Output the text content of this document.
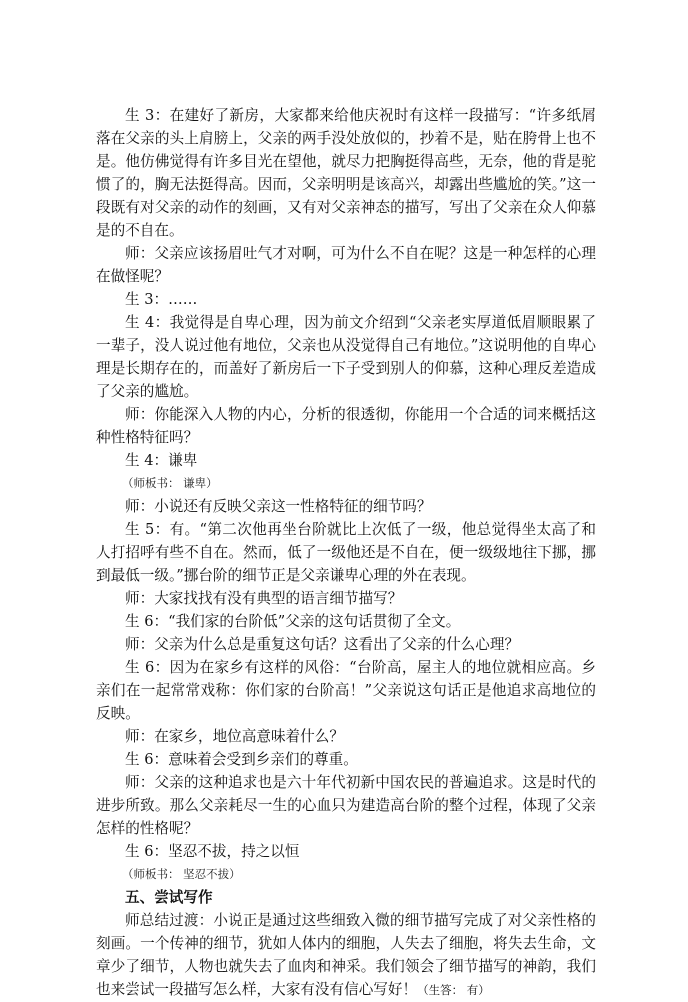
生 3：在建好了新房，大家都来给他庆祝时有这样一段描写：“许多纸屑落在父亲的头上肩膀上，父亲的两手没处放似的，抄着不是，贴在胯骨上也不是。他仿佛觉得有许多目光在望他，就尽力把胸挺得高些，无奈，他的背是驼惯了的，胸无法挺得高。因而，父亲明明是该高兴，却露出些尴尬的笑。”这一段既有对父亲的动作的刻画，又有对父亲神态的描写，写出了父亲在众人仰慕是的不自在。

师：父亲应该扬眉吐气才对啊，可为什么不自在呢？这是一种怎样的心理在做怪呢？

生 3：……

生 4：我觉得是自卑心理，因为前文介绍到“父亲老实厚道低眉顺眼累了一辈子，没人说过他有地位，父亲也从没觉得自己有地位。”这说明他的自卑心理是长期存在的，而盖好了新房后一下子受到别人的仰慕，这种心理反差造成了父亲的尴尬。

师：你能深入人物的内心，分析的很透彻，你能用一个合适的词来概括这种性格特征吗？

生 4：谦卑

（师板书： 谦卑）

师：小说还有反映父亲这一性格特征的细节吗？

生 5：有。“第二次他再坐台阶就比上次低了一级，他总觉得坐太高了和人打招呼有些不自在。然而，低了一级他还是不自在，便一级级地往下挪，挪到最低一级。”挪台阶的细节正是父亲谦卑心理的外在表现。

师：大家找找有没有典型的语言细节描写？

生 6：“我们家的台阶低”父亲的这句话贯彻了全文。

师：父亲为什么总是重复这句话？这看出了父亲的什么心理？

生 6：因为在家乡有这样的风俗：“台阶高，屋主人的地位就相应高。乡亲们在一起常常戏称：你们家的台阶高！”父亲说这句话正是他追求高地位的反映。

师：在家乡，地位高意味着什么？

生 6：意味着会受到乡亲们的尊重。

师：父亲的这种追求也是六十年代初新中国农民的普遍追求。这是时代的进步所致。那么父亲耗尽一生的心血只为建造高台阶的整个过程，体现了父亲怎样的性格呢？

生 6：坚忍不拔，持之以恒

（师板书： 坚忍不拔）

五、尝试写作

师总结过渡：小说正是通过这些细致入微的细节描写完成了对父亲性格的刻画。一个传神的细节，犹如人体内的细胞，人失去了细胞，将失去生命，文章少了细节，人物也就失去了血肉和神采。我们领会了细节描写的神韵，我们也来尝试一段描写怎么样，大家有没有信心写好！（生答： 有）
